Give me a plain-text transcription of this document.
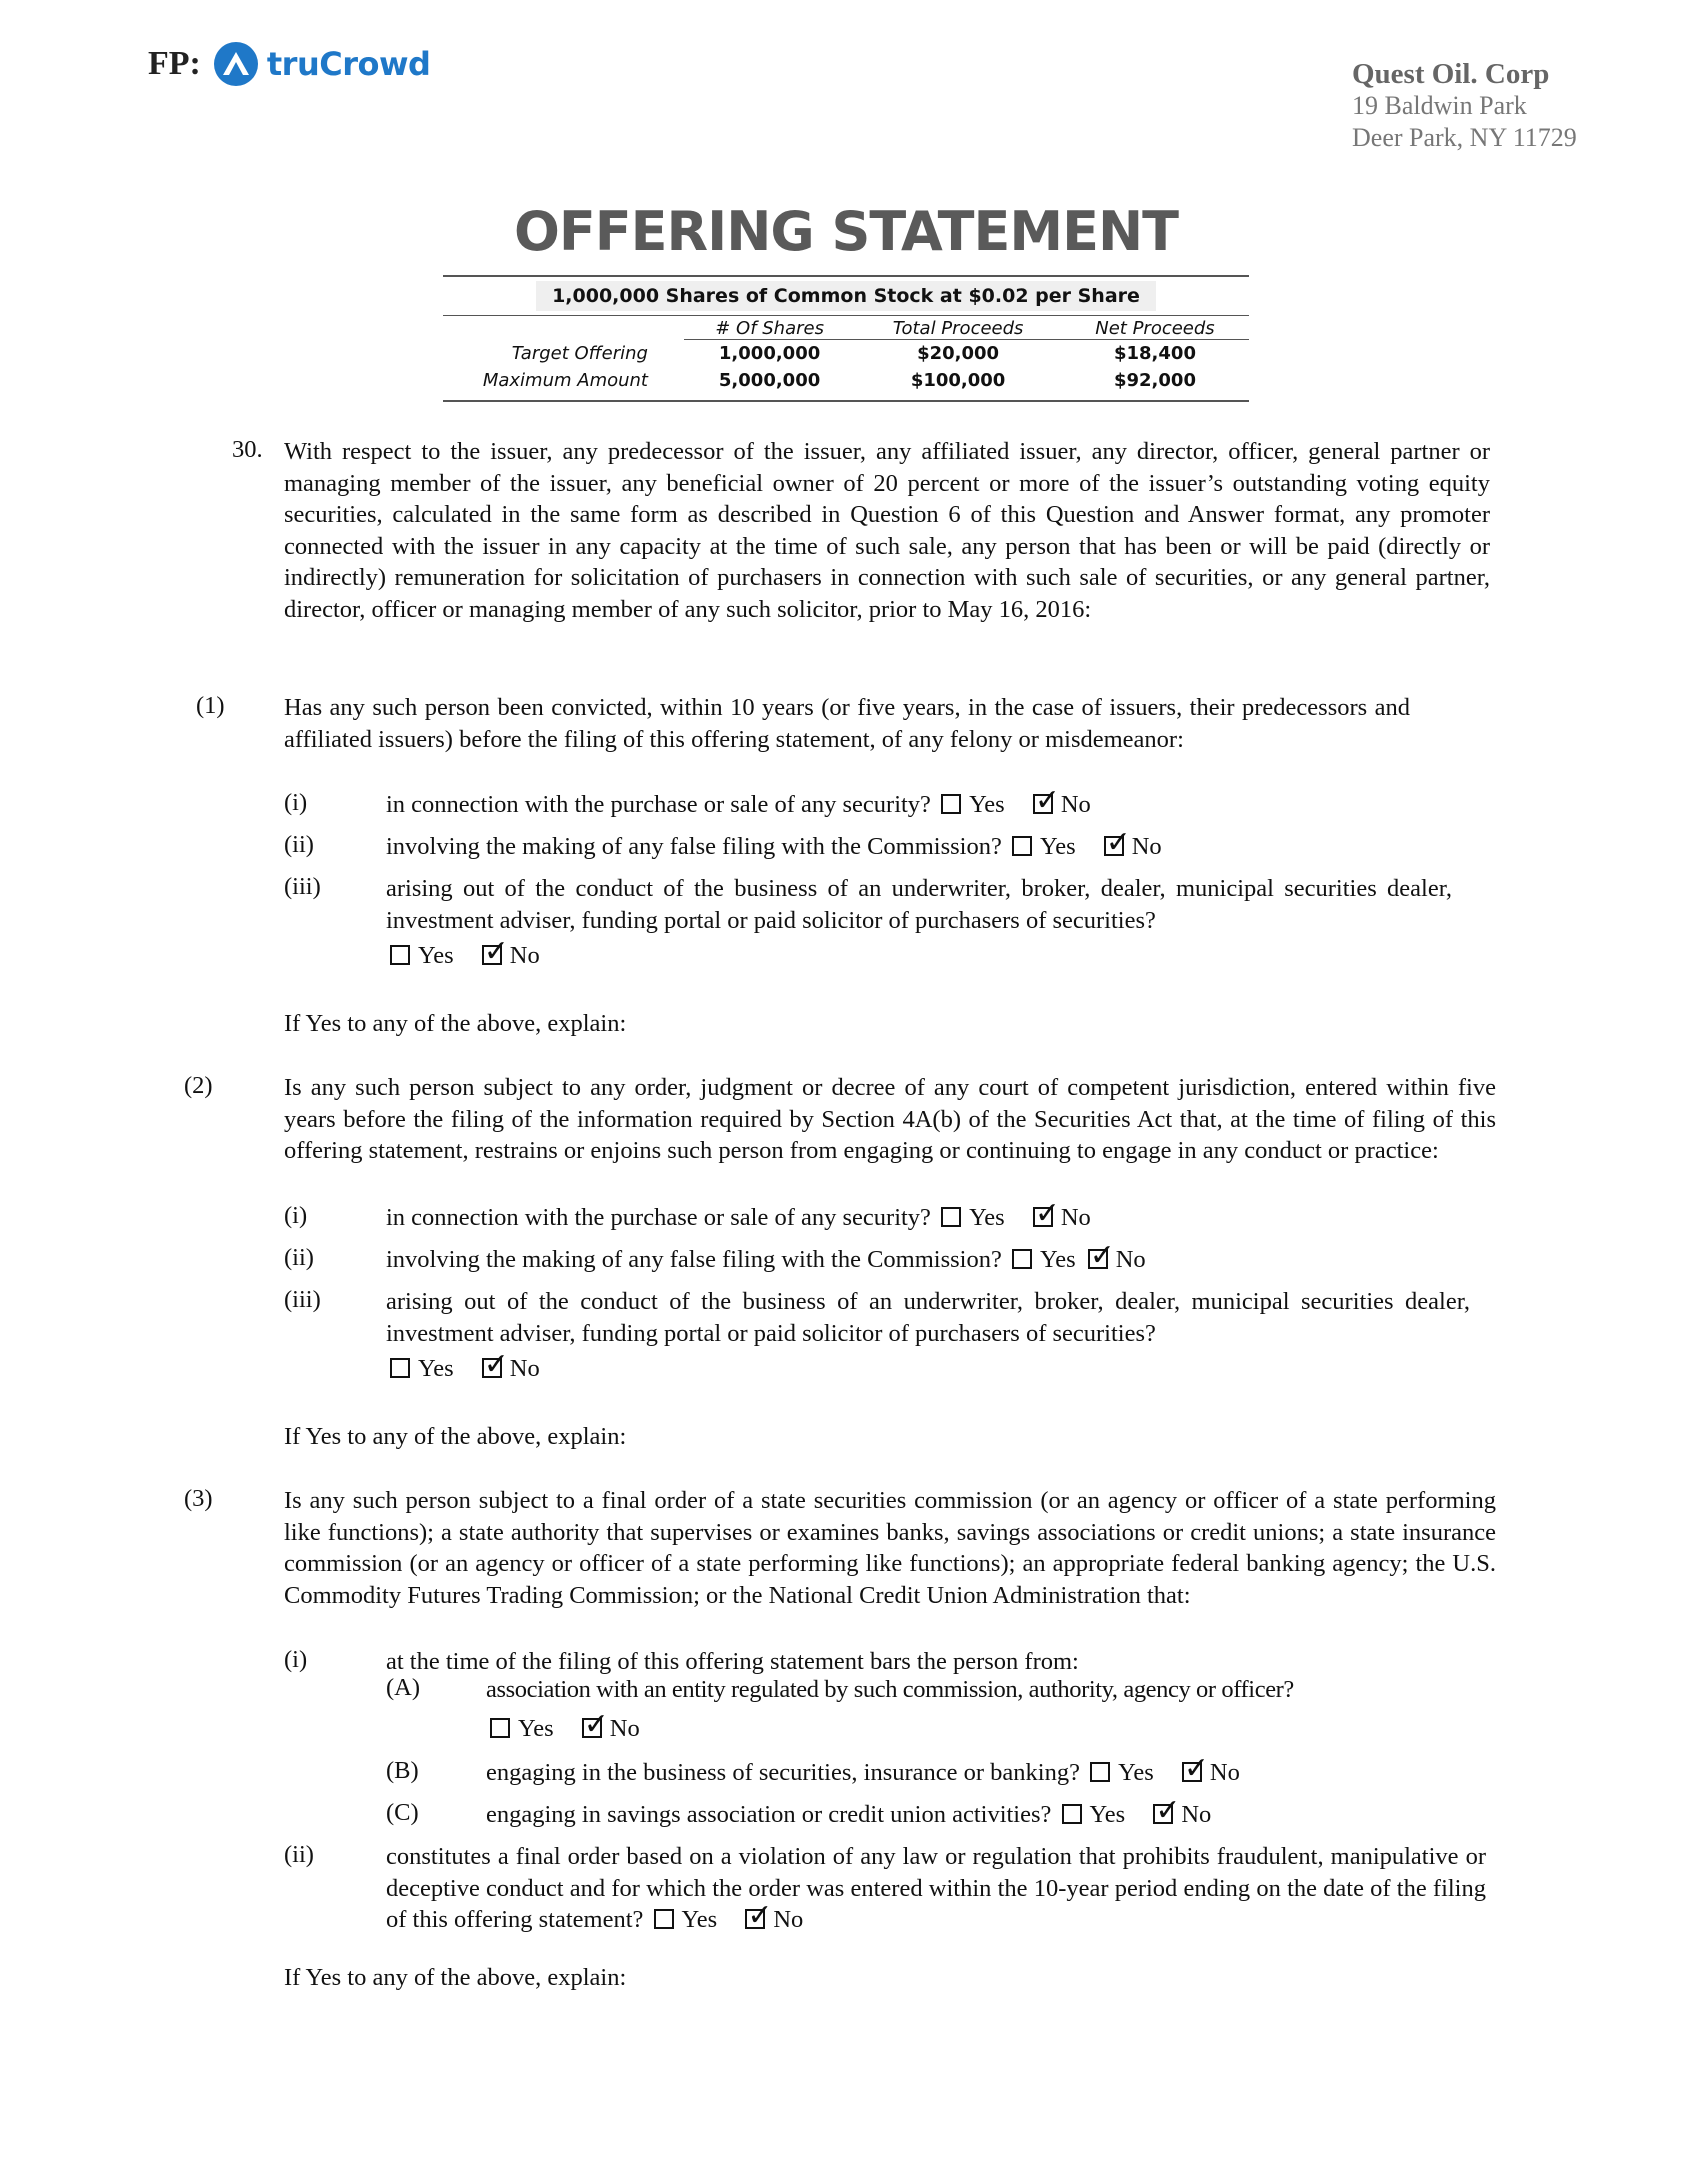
FP: truCrowd	Quest Oil. Corp
19 Baldwin Park
Deer Park, NY 11729
OFFERING STATEMENT
1,000,000 Shares of Common Stock at $0.02 per Share
	# Of Shares	Total Proceeds	Net Proceeds
Target Offering	1,000,000	$20,000	$18,400
Maximum Amount	5,000,000	$100,000	$92,000
30. With respect to the issuer, any predecessor of the issuer, any affiliated issuer, any director, officer, general partner or managing member of the issuer, any beneficial owner of 20 percent or more of the issuer’s outstanding voting equity securities, calculated in the same form as described in Question 6 of this Question and Answer format, any promoter connected with the issuer in any capacity at the time of such sale, any person that has been or will be paid (directly or indirectly) remuneration for solicitation of purchasers in connection with such sale of securities, or any general partner, director, officer or managing member of any such solicitor, prior to May 16, 2016:
(1) Has any such person been convicted, within 10 years (or five years, in the case of issuers, their predecessors and affiliated issuers) before the filing of this offering statement, of any felony or misdemeanor:
(i)	in connection with the purchase or sale of any security? Yes ✓ No
(ii)	involving the making of any false filing with the Commission? Yes ✓ No
(iii)	arising out of the conduct of the business of an underwriter, broker, dealer, municipal securities dealer, investment adviser, funding portal or paid solicitor of purchasers of securities?
Yes ✓ No
If Yes to any of the above, explain:
(2)	Is any such person subject to any order, judgment or decree of any court of competent jurisdiction, entered within five years before the filing of the information required by Section 4A(b) of the Securities Act that, at the time of filing of this offering statement, restrains or enjoins such person from engaging or continuing to engage in any conduct or practice:
(i)	in connection with the purchase or sale of any security? Yes ✓ No
(ii)	involving the making of any false filing with the Commission? Yes ✓ No
(iii)	arising out of the conduct of the business of an underwriter, broker, dealer, municipal securities dealer, investment adviser, funding portal or paid solicitor of purchasers of securities?
Yes ✓ No
If Yes to any of the above, explain:
(3)	Is any such person subject to a final order of a state securities commission (or an agency or officer of a state performing like functions); a state authority that supervises or examines banks, savings associations or credit unions; a state insurance commission (or an agency or officer of a state performing like functions); an appropriate federal banking agency; the U.S. Commodity Futures Trading Commission; or the National Credit Union Administration that:
(i)	at the time of the filing of this offering statement bars the person from:
(A)	association with an entity regulated by such commission, authority, agency or officer?
Yes ✓ No
(B)	engaging in the business of securities, insurance or banking? Yes ✓ No
(C)	engaging in savings association or credit union activities? Yes ✓ No
(ii)	constitutes a final order based on a violation of any law or regulation that prohibits fraudulent, manipulative or deceptive conduct and for which the order was entered within the 10-year period ending on the date of the filing of this offering statement? Yes ✓ No
If Yes to any of the above, explain:
